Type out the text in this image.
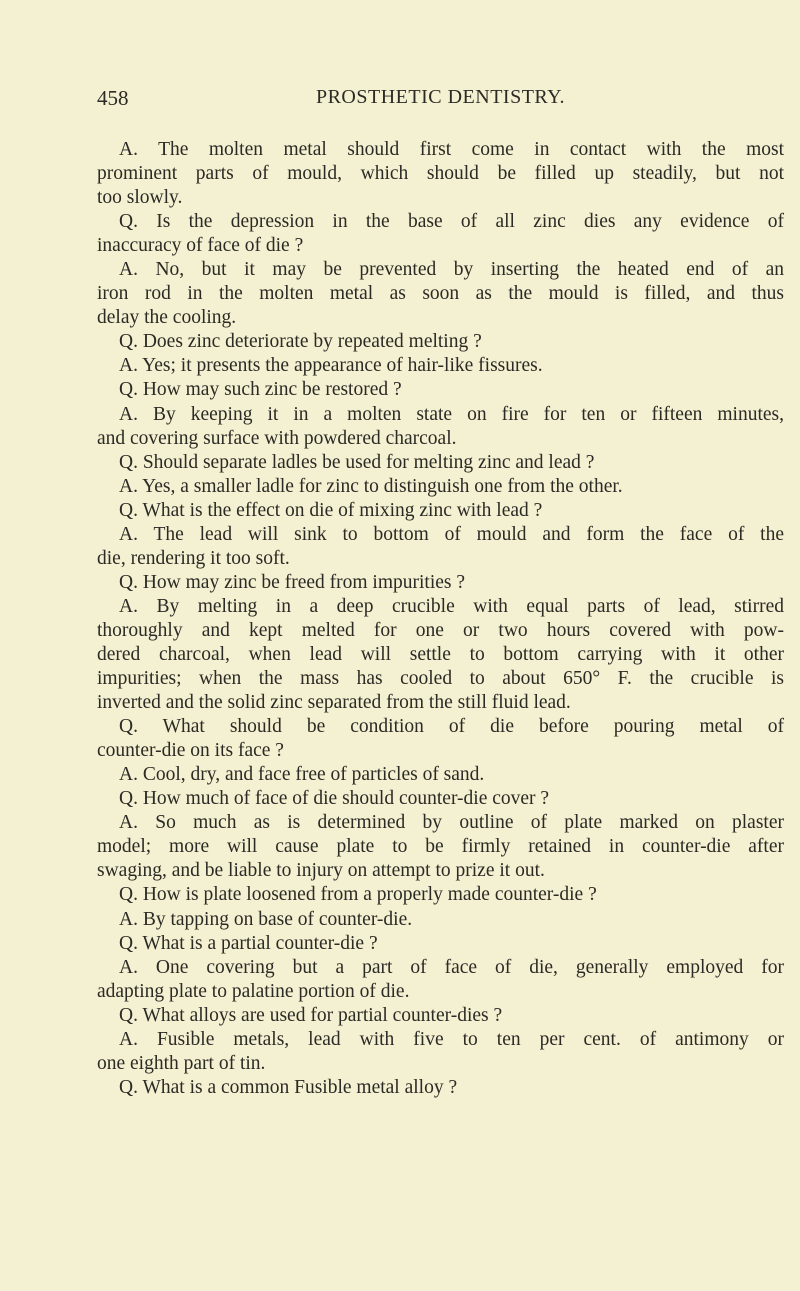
458	PROSTHETIC DENTISTRY.
A. The molten metal should first come in contact with the most
prominent parts of mould, which should be filled up steadily, but not
too slowly.
Q. Is the depression in the base of all zinc dies any evidence of
inaccuracy of face of die ?
A. No, but it may be prevented by inserting the heated end of an
iron rod in the molten metal as soon as the mould is filled, and thus
delay the cooling.
Q. Does zinc deteriorate by repeated melting ?
A. Yes; it presents the appearance of hair-like fissures.
Q. How may such zinc be restored ?
A. By keeping it in a molten state on fire for ten or fifteen minutes,
and covering surface with powdered charcoal.
Q. Should separate ladles be used for melting zinc and lead ?
A. Yes, a smaller ladle for zinc to distinguish one from the other.
Q. What is the effect on die of mixing zinc with lead ?
A. The lead will sink to bottom of mould and form the face of the
die, rendering it too soft.
Q. How may zinc be freed from impurities ?
A. By melting in a deep crucible with equal parts of lead, stirred
thoroughly and kept melted for one or two hours covered with pow-
dered charcoal, when lead will settle to bottom carrying with it other
impurities; when the mass has cooled to about 650° F. the crucible is
inverted and the solid zinc separated from the still fluid lead.
Q. What should be condition of die before pouring metal of
counter-die on its face ?
A. Cool, dry, and face free of particles of sand.
Q. How much of face of die should counter-die cover ?
A. So much as is determined by outline of plate marked on plaster
model; more will cause plate to be firmly retained in counter-die after
swaging, and be liable to injury on attempt to prize it out.
Q. How is plate loosened from a properly made counter-die ?
A. By tapping on base of counter-die.
Q. What is a partial counter-die ?
A. One covering but a part of face of die, generally employed for
adapting plate to palatine portion of die.
Q. What alloys are used for partial counter-dies ?
A. Fusible metals, lead with five to ten per cent. of antimony or
one eighth part of tin.
Q. What is a common Fusible metal alloy ?
